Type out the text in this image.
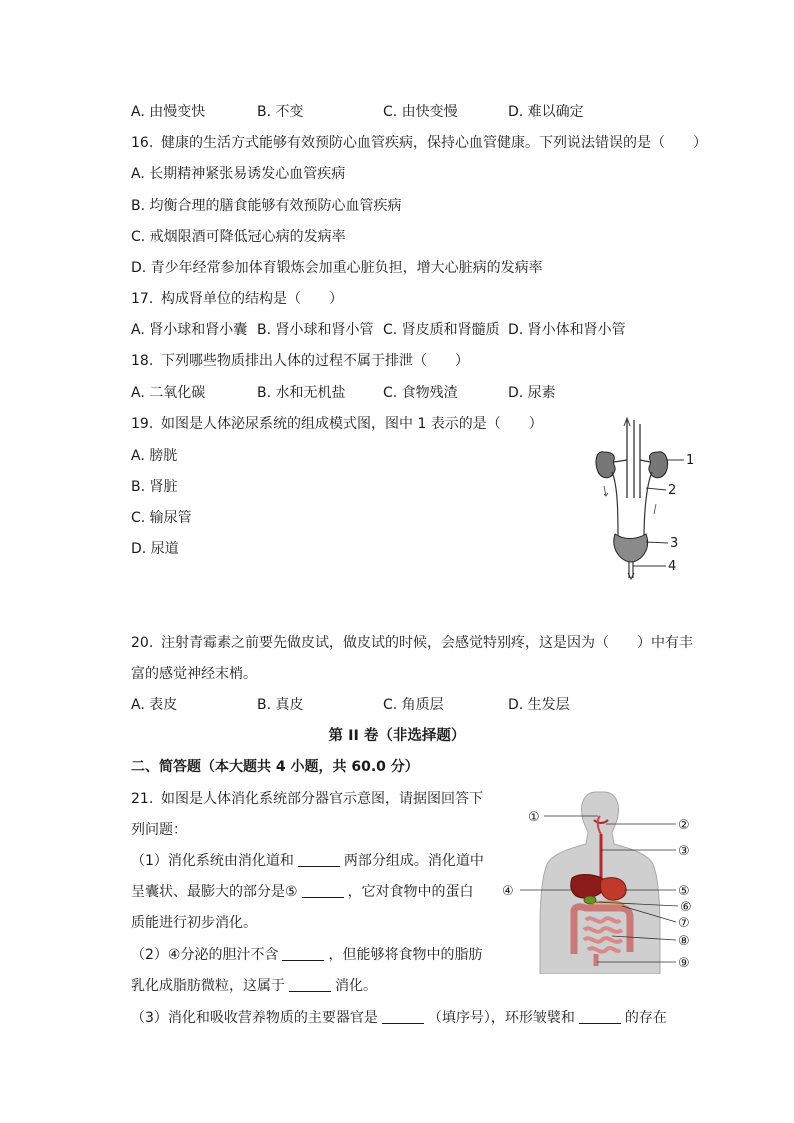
A. 由慢变快	B. 不变	C. 由快变慢	D. 难以确定
16. 健康的生活方式能够有效预防心血管疾病，保持心血管健康。下列说法错误的是（　　）
A. 长期精神紧张易诱发心血管疾病
B. 均衡合理的膳食能够有效预防心血管疾病
C. 戒烟限酒可降低冠心病的发病率
D. 青少年经常参加体育锻炼会加重心脏负担，增大心脏病的发病率
17. 构成肾单位的结构是（　　）
A. 肾小球和肾小囊 B. 肾小球和肾小管 C. 肾皮质和肾髓质 D. 肾小体和肾小管
18. 下列哪些物质排出人体的过程不属于排泄（　　）
A. 二氧化碳	B. 水和无机盐	C. 食物残渣	D. 尿素
19. 如图是人体泌尿系统的组成模式图，图中 1 表示的是（　　）
A. 膀胱
B. 肾脏
C. 输尿管
D. 尿道
1
2
3
4
20. 注射青霉素之前要先做皮试，做皮试的时候，会感觉特别疼，这是因为（　　）中有丰
富的感觉神经末梢。
A. 表皮	B. 真皮	C. 角质层	D. 生发层
第 II 卷（非选择题）
二、简答题（本大题共 4 小题，共 60.0 分）
21. 如图是人体消化系统部分器官示意图，请据图回答下
列问题：
（1）消化系统由消化道和	两部分组成。消化道中
呈囊状、最膨大的部分是⑤	，它对食物中的蛋白
质能进行初步消化。
（2）④分泌的胆汁不含	，但能够将食物中的脂肪
乳化成脂肪微粒，这属于	消化。
（3）消化和吸收营养物质的主要器官是	（填序号），环形皱襞和	的存在
①
②
③
④	⑤
⑥
⑦
⑧
⑨
